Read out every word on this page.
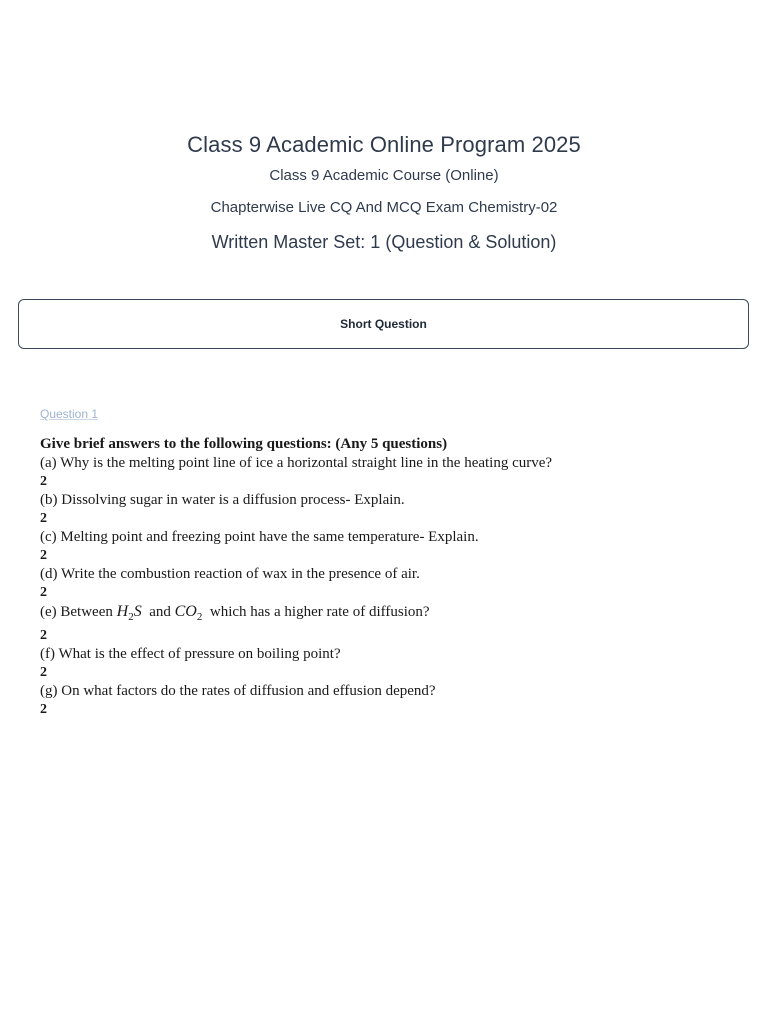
Class 9 Academic Online Program 2025
Class 9 Academic Course (Online)
Chapterwise Live CQ And MCQ Exam Chemistry-02
Written Master Set: 1 (Question & Solution)
Short Question
Question 1
Give brief answers to the following questions: (Any 5 questions)
(a) Why is the melting point line of ice a horizontal straight line in the heating curve?
2
(b) Dissolving sugar in water is a diffusion process- Explain.
2
(c) Melting point and freezing point have the same temperature- Explain.
2
(d) Write the combustion reaction of wax in the presence of air.
2
(e) Between $H_2S$ and $CO_2$ which has a higher rate of diffusion?
2
(f) What is the effect of pressure on boiling point?
2
(g) On what factors do the rates of diffusion and effusion depend?
2
